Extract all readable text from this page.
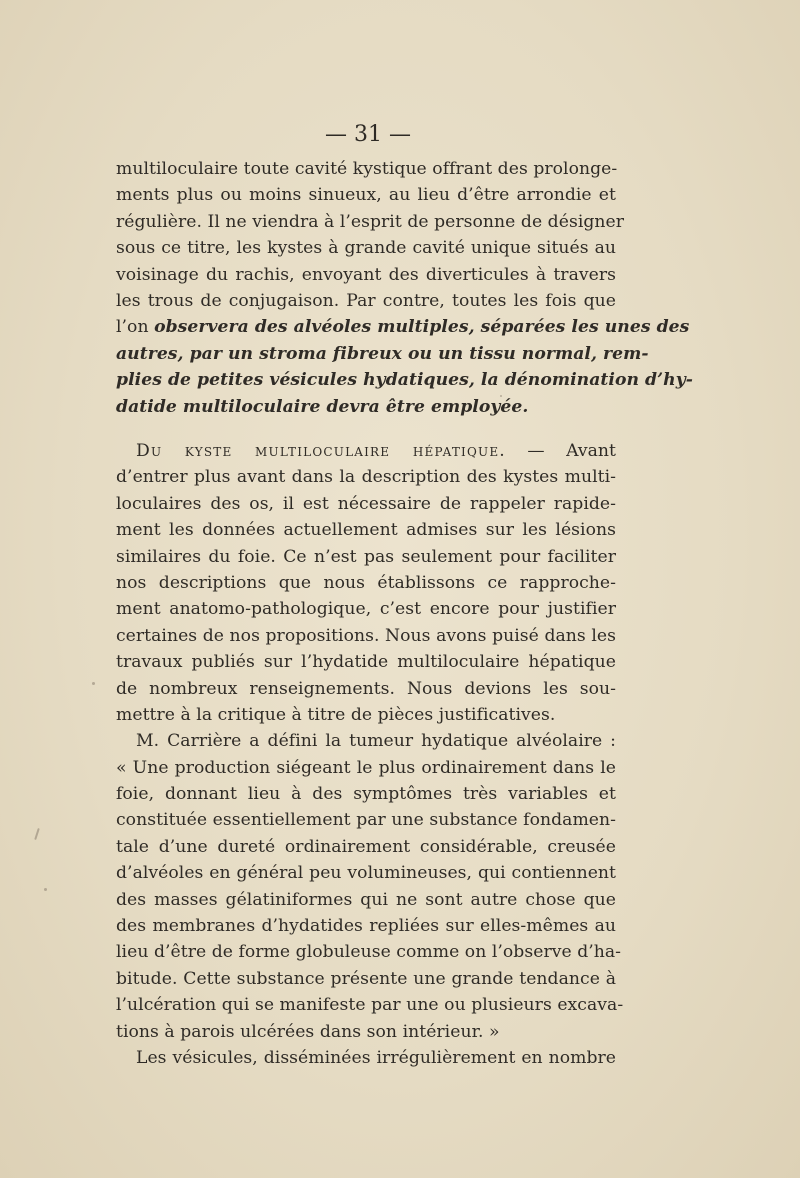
— 31 —
multiloculaire toute cavité kystique offrant des prolonge-
ments plus ou moins sinueux, au lieu d’être arrondie et
régulière. Il ne viendra à l’esprit de personne de désigner
sous ce titre, les kystes à grande cavité unique situés au
voisinage du rachis, envoyant des diverticules à travers
les trous de conjugaison. Par contre, toutes les fois que
l’on observera des alvéoles multiples, séparées les unes des
autres, par un stroma fibreux ou un tissu normal, rem-
plies de petites vésicules hydatiques, la dénomination d’hy-
datide multiloculaire devra être employée.
Du kyste multiloculaire hépatique. — Avant
d’entrer plus avant dans la description des kystes multi-
loculaires des os, il est nécessaire de rappeler rapide-
ment les données actuellement admises sur les lésions
similaires du foie. Ce n’est pas seulement pour faciliter
nos descriptions que nous établissons ce rapproche-
ment anatomo-pathologique, c’est encore pour justifier
certaines de nos propositions. Nous avons puisé dans les
travaux publiés sur l’hydatide multiloculaire hépatique
de nombreux renseignements. Nous devions les sou-
mettre à la critique à titre de pièces justificatives.
M. Carrière a défini la tumeur hydatique alvéolaire :
« Une production siégeant le plus ordinairement dans le
foie, donnant lieu à des symptômes très variables et
constituée essentiellement par une substance fondamen-
tale d’une dureté ordinairement considérable, creusée
d’alvéoles en général peu volumineuses, qui contiennent
des masses gélatiniformes qui ne sont autre chose que
des membranes d’hydatides repliées sur elles-mêmes au
lieu d’être de forme globuleuse comme on l’observe d’ha-
bitude. Cette substance présente une grande tendance à
l’ulcération qui se manifeste par une ou plusieurs excava-
tions à parois ulcérées dans son intérieur. »
Les vésicules, disséminées irrégulièrement en nombre
